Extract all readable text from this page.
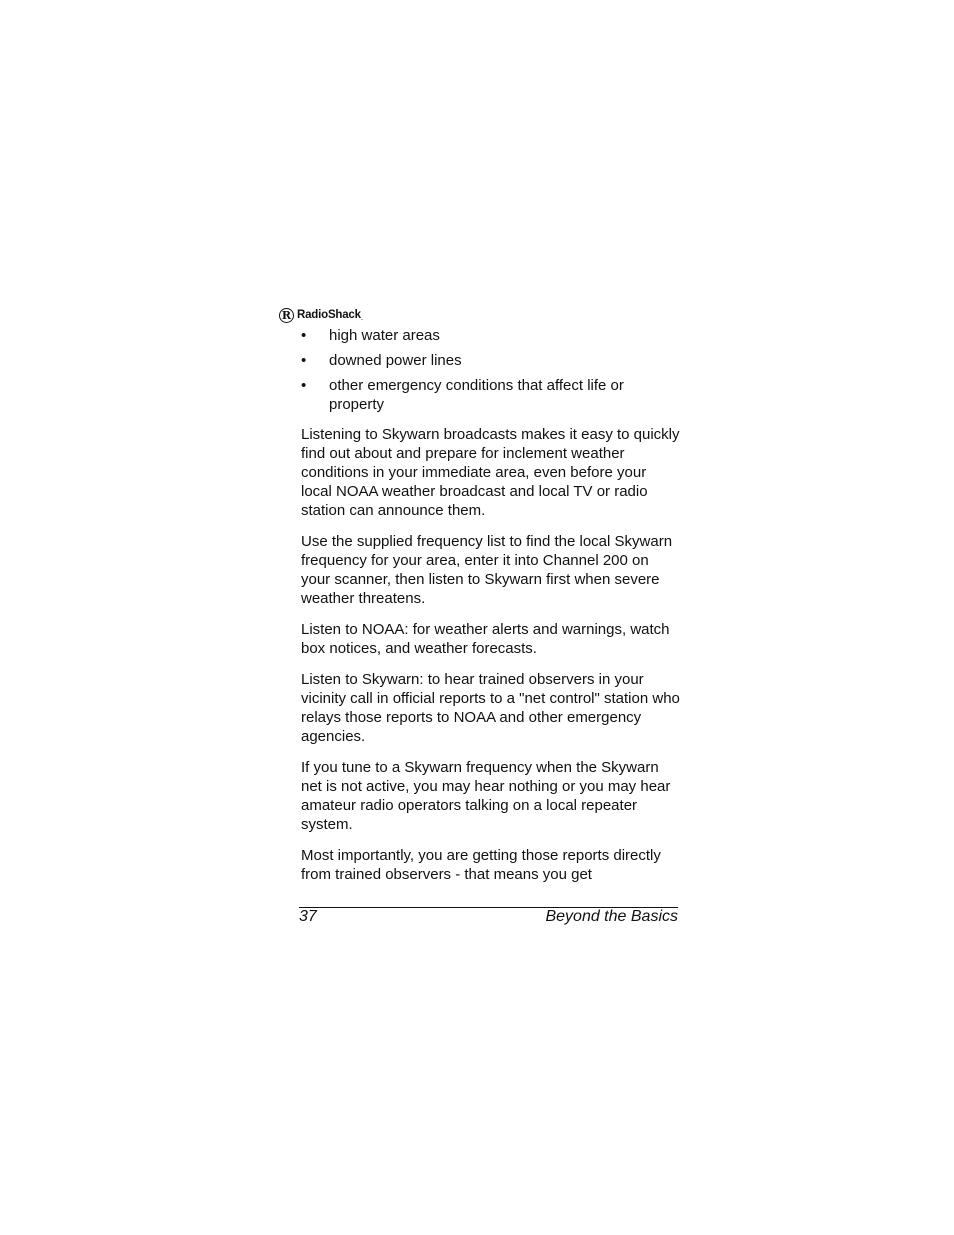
R RadioShack .
• high water areas
• downed power lines
• other emergency conditions that affect life or property

Listening to Skywarn broadcasts makes it easy to quickly find out about and prepare for inclement weather conditions in your immediate area, even before your local NOAA weather broadcast and local TV or radio station can announce them.

Use the supplied frequency list to find the local Skywarn frequency for your area, enter it into Channel 200 on your scanner, then listen to Skywarn first when severe weather threatens.

Listen to NOAA: for weather alerts and warnings, watch box notices, and weather forecasts.

Listen to Skywarn: to hear trained observers in your vicinity call in official reports to a "net control" station who relays those reports to NOAA and other emergency agencies.

If you tune to a Skywarn frequency when the Skywarn net is not active, you may hear nothing or you may hear amateur radio operators talking on a local repeater system.

Most importantly, you are getting those reports directly from trained observers - that means you get

37	Beyond the Basics
